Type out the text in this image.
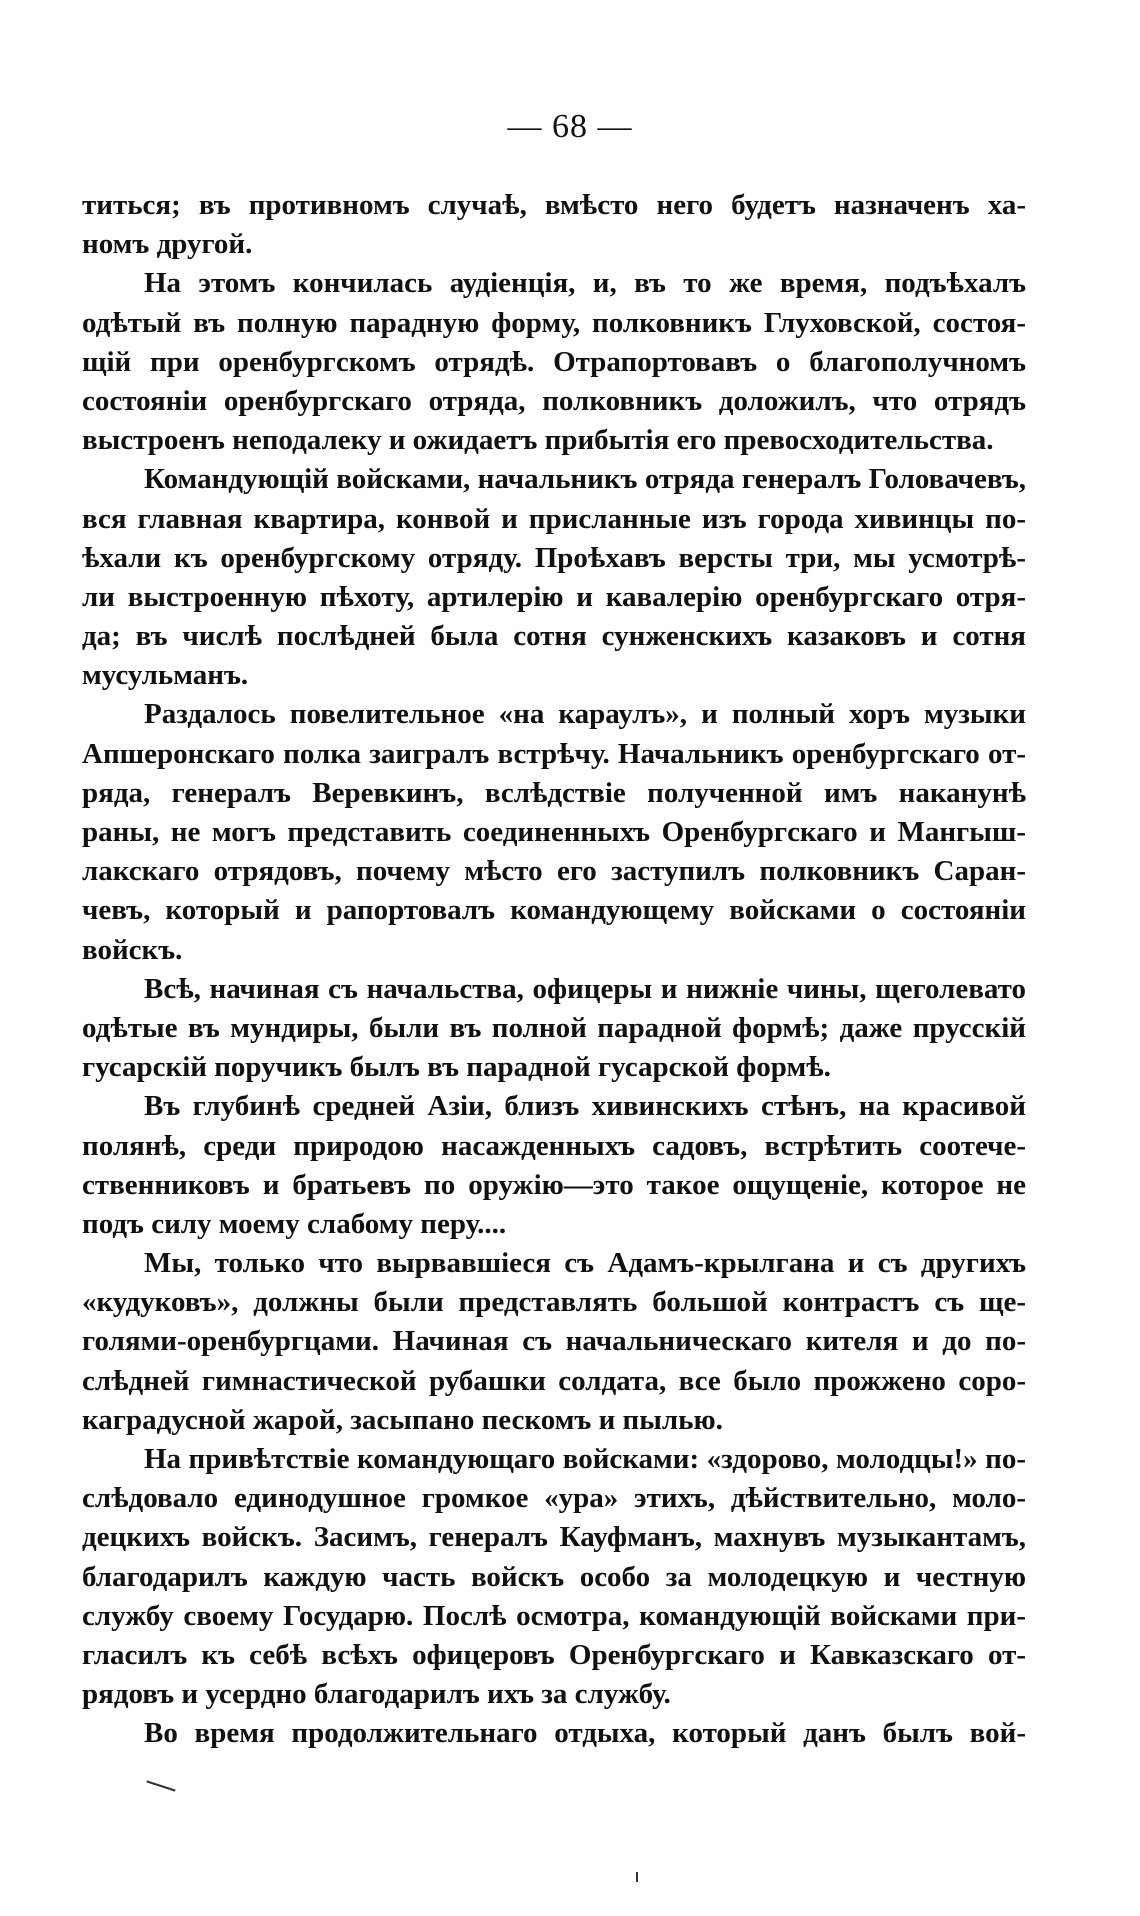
— 68 —
титься; въ противномъ случаѣ, вмѣсто него будетъ назначенъ ха-
номъ другой.
На этомъ кончилась аудіенція, и, въ то же время, подъѣхалъ
одѣтый въ полную парадную форму, полковникъ Глуховской, состоя-
щій при оренбургскомъ отрядѣ. Отрапортовавъ о благополучномъ
состояніи оренбургскаго отряда, полковникъ доложилъ, что отрядъ
выстроенъ неподалеку и ожидаетъ прибытія его превосходительства.
Командующій войсками, начальникъ отряда генералъ Головачевъ,
вся главная квартира, конвой и присланные изъ города хивинцы по-
ѣхали къ оренбургскому отряду. Проѣхавъ версты три, мы усмотрѣ-
ли выстроенную пѣхоту, артилерію и кавалерію оренбургскаго отря-
да; въ числѣ послѣдней была сотня сунженскихъ казаковъ и сотня
мусульманъ.
Раздалось повелительное «на караулъ», и полный хоръ музыки
Апшеронскаго полка заигралъ встрѣчу. Начальникъ оренбургскаго от-
ряда, генералъ Веревкинъ, вслѣдствіе полученной имъ наканунѣ
раны, не могъ представить соединенныхъ Оренбургскаго и Мангыш-
лакскаго отрядовъ, почему мѣсто его заступилъ полковникъ Саран-
чевъ, который и рапортовалъ командующему войсками о состояніи
войскъ.
Всѣ, начиная съ начальства, офицеры и нижніе чины, щеголевато
одѣтые въ мундиры, были въ полной парадной формѣ; даже прусскій
гусарскій поручикъ былъ въ парадной гусарской формѣ.
Въ глубинѣ средней Азіи, близъ хивинскихъ стѣнъ, на красивой
полянѣ, среди природою насажденныхъ садовъ, встрѣтить соотече-
ственниковъ и братьевъ по оружію—это такое ощущеніе, которое не
подъ силу моему слабому перу....
Мы, только что вырвавшіеся съ Адамъ-крылгана и съ другихъ
«кудуковъ», должны были представлять большой контрастъ съ ще-
голями-оренбургцами. Начиная съ начальническаго кителя и до по-
слѣдней гимнастической рубашки солдата, все было прожжено соро-
каградусной жарой, засыпано пескомъ и пылью.
На привѣтствіе командующаго войсками: «здорово, молодцы!» по-
слѣдовало единодушное громкое «ура» этихъ, дѣйствительно, моло-
децкихъ войскъ. Засимъ, генералъ Кауфманъ, махнувъ музыкантамъ,
благодарилъ каждую часть войскъ особо за молодецкую и честную
службу своему Государю. Послѣ осмотра, командующій войсками при-
гласилъ къ себѣ всѣхъ офицеровъ Оренбургскаго и Кавказскаго от-
рядовъ и усердно благодарилъ ихъ за службу.
Во время продолжительнаго отдыха, который данъ былъ вой-
